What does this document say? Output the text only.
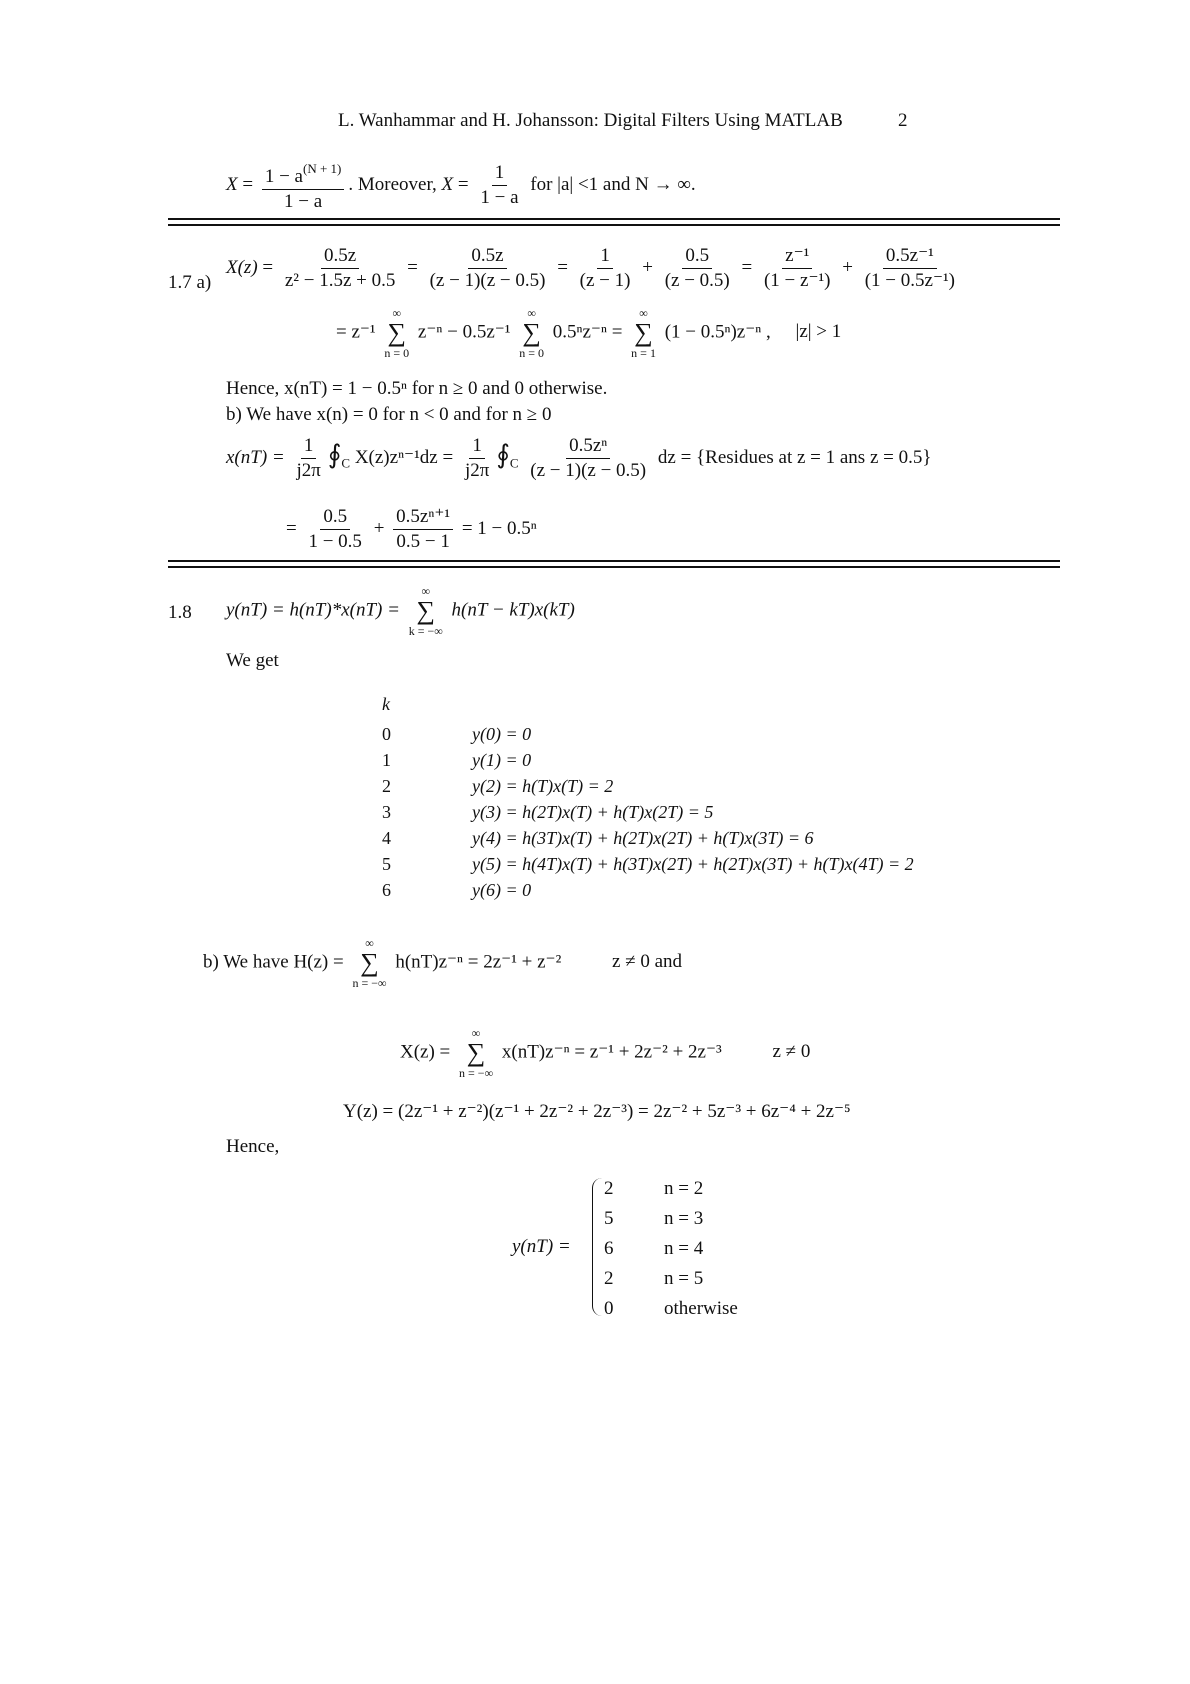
L. Wanhammar and H. Johansson: Digital Filters Using MATLAB	2
$X = \frac{1 - a^{(N + 1)}}{1 - a}$ . Moreover, $X = \frac{1}{1 - a}$ for |a| <1 and N → ∞.
1.7 a)
$X(z) = \frac{0.5z}{\text{z² − 1.5z + 0.5}} = \frac{0.5z}{(z - 1)(z - 0.5)} = \frac{1}{(z - 1)} + \frac{0.5}{(z - 0.5)} = \frac{\text{z⁻¹}}{\text{(1 − z⁻¹)}} + \frac{\text{0.5z⁻¹}}{\text{(1 − 0.5z⁻¹)}}$
= z⁻¹
∞
∑
n = 0
z⁻ⁿ − 0.5z⁻¹
∞
∑
n = 0
0.5ⁿz⁻ⁿ =
∞
∑
n = 1
(1 − 0.5ⁿ)z⁻ⁿ , |z| > 1
Hence, x(nT) = 1 − 0.5ⁿ for n ≥ 0 and 0 otherwise.
b) We have x(n) = 0 for n < 0 and for n ≥ 0
$x(nT) = \frac{1}{j2\pi}$ $∮_C$ $X(z)z^{n-1}dz = \frac{1}{j2\pi}$ $∮_C \frac{\text{0.5zⁿ}}{(z - 1)(z - 0.5)}$ dz = {Residues at z = 1 ans z = 0.5}
= $\frac{0.5}{1 - 0.5} + \frac{\text{0.5zⁿ⁺¹}}{0.5 - 1} = 1 - 0.5^n$
1.8 y(nT) = h(nT)*x(nT) =
∞
∑
k = −∞
h(nT − kT)x(kT)
We get
k
0	y(0) = 0
1	y(1) = 0
2	y(2) = h(T)x(T) = 2
3	y(3) = h(2T)x(T) + h(T)x(2T) = 5
4	y(4) = h(3T)x(T) + h(2T)x(2T) + h(T)x(3T) = 6
5	y(5) = h(4T)x(T) + h(3T)x(2T) + h(2T)x(3T) + h(T)x(4T) = 2
6	y(6) = 0
b) We have H(z) =
∞
∑
n = −∞
h(nT)z⁻ⁿ = 2z⁻¹ + z⁻²	z ≠ 0 and
X(z) =
∞
∑
n = −∞
x(nT)z⁻ⁿ = z⁻¹ + 2z⁻² + 2z⁻³	z ≠ 0
Y(z) = (2z⁻¹ + z⁻²)(z⁻¹ + 2z⁻² + 2z⁻³) = 2z⁻² + 5z⁻³ + 6z⁻⁴ + 2z⁻⁵
Hence,
y(nT) =
2	n = 2
5	n = 3
6	n = 4
2	n = 5
0	otherwise
